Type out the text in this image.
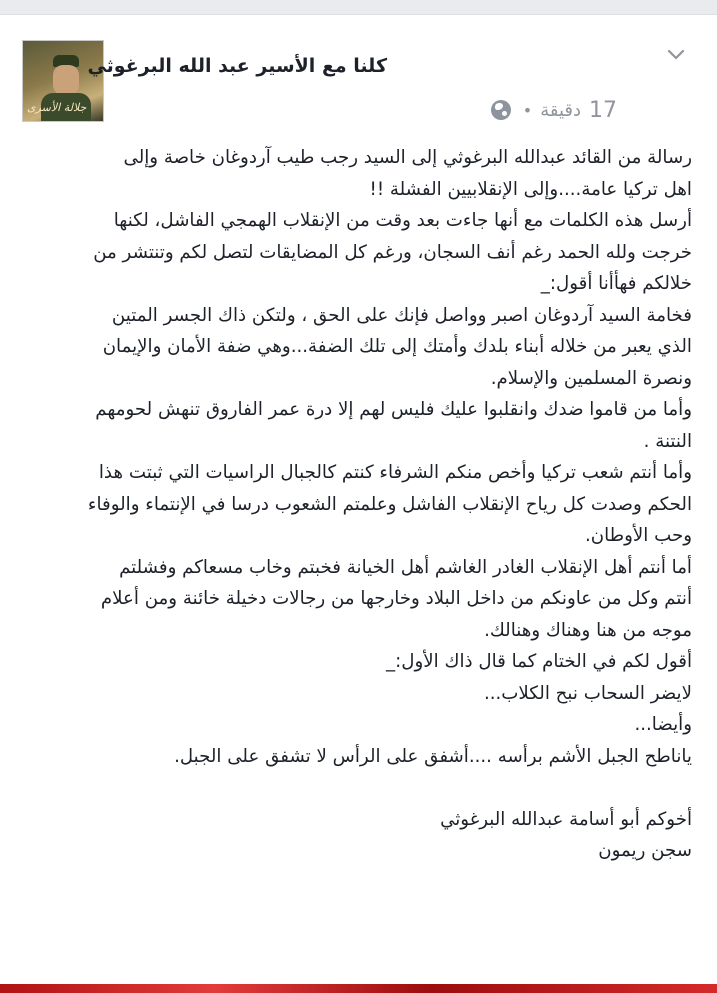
جلالة الأسرى
كلنا مع الأسير عبد الله البرغوثي
• دقيقة 17

رسالة من القائد عبدالله البرغوثي إلى السيد رجب طيب آردوغان خاصة وإلى

اهل تركيا عامة....وإلى الإنقلابيين الفشلة !!

أرسل هذه الكلمات مع أنها جاءت بعد وقت من الإنقلاب الهمجي الفاشل، لكنها

خرجت ولله الحمد رغم أنف السجان، ورغم كل المضايقات لتصل لكم وتنتشر من

خلالكم فهأأنا أقول:_

فخامة السيد آردوغان اصبر وواصل فإنك على الحق ، ولتكن ذاك الجسر المتين

الذي يعبر من خلاله أبناء بلدك وأمتك إلى تلك الضفة...وهي ضفة الأمان والإيمان

ونصرة المسلمين والإسلام.

وأما من قاموا ضدك وانقلبوا عليك فليس لهم إلا درة عمر الفاروق تنهش لحومهم

النتنة .

وأما أنتم شعب تركيا وأخص منكم الشرفاء كنتم كالجبال الراسيات التي ثبتت هذا

الحكم وصدت كل رياح الإنقلاب الفاشل وعلمتم الشعوب درسا في الإنتماء والوفاء

وحب الأوطان.

أما أنتم أهل الإنقلاب الغادر الغاشم أهل الخيانة فخبتم وخاب مسعاكم وفشلتم

أنتم وكل من عاونكم من داخل البلاد وخارجها من رجالات دخيلة خائنة ومن أعلام

موجه من هنا وهناك وهنالك.

أقول لكم في الختام كما قال ذاك الأول:_

لايضر السحاب نبح الكلاب...

وأيضا...

ياناطح الجبل الأشم برأسه ....أشفق على الرأس لا تشفق على الجبل.

أخوكم أبو أسامة عبدالله البرغوثي

سجن ريمون
